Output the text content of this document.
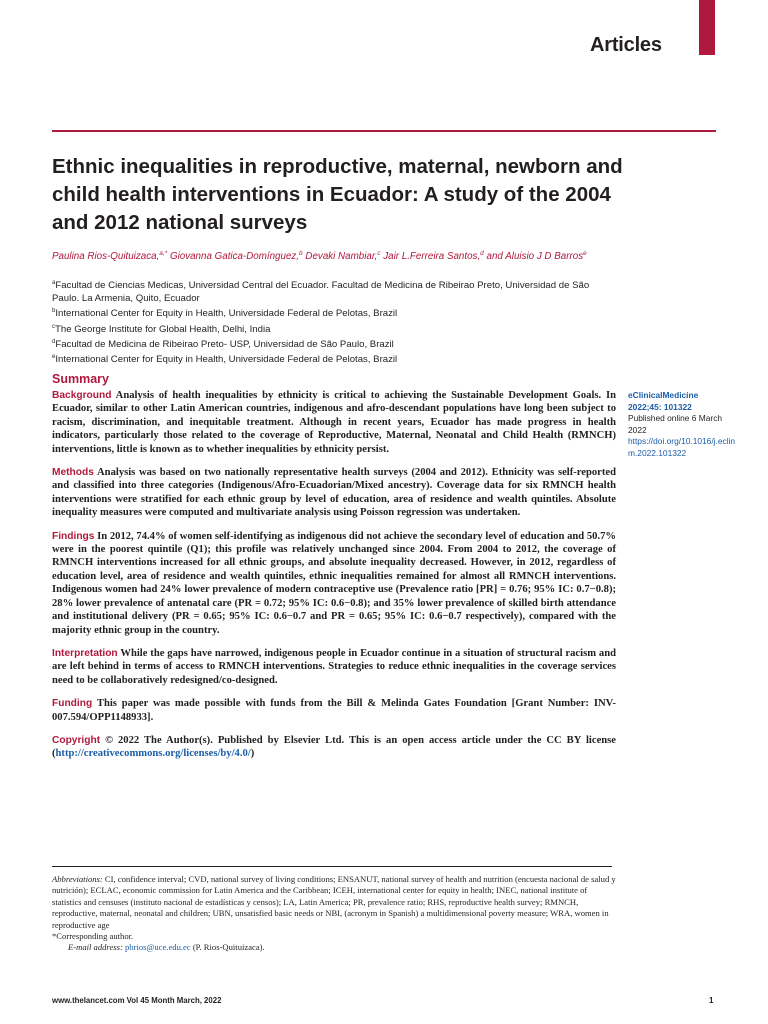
Articles
Ethnic inequalities in reproductive, maternal, newborn and child health interventions in Ecuador: A study of the 2004 and 2012 national surveys
Paulina Rios-Quituizaca,$^{a,*}$ Giovanna Gatica-Domínguez,$^b$ Devaki Nambiar,$^c$ Jair L.Ferreira Santos,$^d$ and Aluisio J D Barros$^e$
$^a$Facultad de Ciencias Medicas, Universidad Central del Ecuador. Facultad de Medicina de Ribeirao Preto, Universidad de São Paulo. La Armenia, Quito, Ecuador
$^b$International Center for Equity in Health, Universidade Federal de Pelotas, Brazil
$^c$The George Institute for Global Health, Delhi, India
$^d$Facultad de Medicina de Ribeirao Preto- USP, Universidad de São Paulo, Brazil
$^e$International Center for Equity in Health, Universidade Federal de Pelotas, Brazil
Summary

Background Analysis of health inequalities by ethnicity is critical to achieving the Sustainable Development Goals. In Ecuador, similar to other Latin American countries, indigenous and afro-descendant populations have long been subject to racism, discrimination, and inequitable treatment. Although in recent years, Ecuador has made progress in health indicators, particularly those related to the coverage of Reproductive, Maternal, Neonatal and Child Health (RMNCH) interventions, little is known as to whether inequalities by ethnicity persist.

Methods Analysis was based on two nationally representative health surveys (2004 and 2012). Ethnicity was self-reported and classified into three categories (Indigenous/Afro-Ecuadorian/Mixed ancestry). Coverage data for six RMNCH health interventions were stratified for each ethnic group by level of education, area of residence and wealth quintiles. Absolute inequality measures were computed and multivariate analysis using Poisson regression was undertaken.

Findings In 2012, 74.4% of women self-identifying as indigenous did not achieve the secondary level of education and 50.7% were in the poorest quintile (Q1); this profile was relatively unchanged since 2004. From 2004 to 2012, the coverage of RMNCH interventions increased for all ethnic groups, and absolute inequality decreased. However, in 2012, regardless of education level, area of residence and wealth quintiles, ethnic inequalities remained for almost all RMNCH interventions. Indigenous women had 24% lower prevalence of modern contraceptive use (Prevalence ratio [PR] = 0.76; 95% IC: 0.7−0.8); 28% lower prevalence of antenatal care (PR = 0.72; 95% IC: 0.6−0.8); and 35% lower prevalence of skilled birth attendance and institutional delivery (PR = 0.65; 95% IC: 0.6−0.7 and PR = 0.65; 95% IC: 0.6−0.7 respectively), compared with the majority ethnic group in the country.

Interpretation While the gaps have narrowed, indigenous people in Ecuador continue in a situation of structural racism and are left behind in terms of access to RMNCH interventions. Strategies to reduce ethnic inequalities in the coverage services need to be collaboratively redesigned/co-designed.

Funding This paper was made possible with funds from the Bill & Melinda Gates Foundation [Grant Number: INV-007.594/OPP1148933].

Copyright © 2022 The Author(s). Published by Elsevier Ltd. This is an open access article under the CC BY license (http://creativecommons.org/licenses/by/4.0/)

eClinicalMedicine
2022;45: 101322
Published online 6 March 2022
https://doi.org/10.1016/j.eclinm.2022.101322
Abbreviations: CI, confidence interval; CVD, national survey of living conditions; ENSANUT, national survey of health and nutrition (encuesta nacional de salud y nutrición); ECLAC, economic commission for Latin America and the Caribbean; ICEH, international center for equity in health; INEC, national institute of statistics and censuses (instituto nacional de estadísticas y censos); LA, Latin America; PR, prevalence ratio; RHS, reproductive health survey; RMNCH, reproductive, maternal, neonatal and children; UBN, unsatisfied basic needs or NBI, (acronym in Spanish) a multidimensional poverty measure; WRA, women in reproductive age
*Corresponding author.
E-mail address: pbrios@uce.edu.ec (P. Rios-Quituizaca).
www.thelancet.com Vol 45 Month March, 2022	1
